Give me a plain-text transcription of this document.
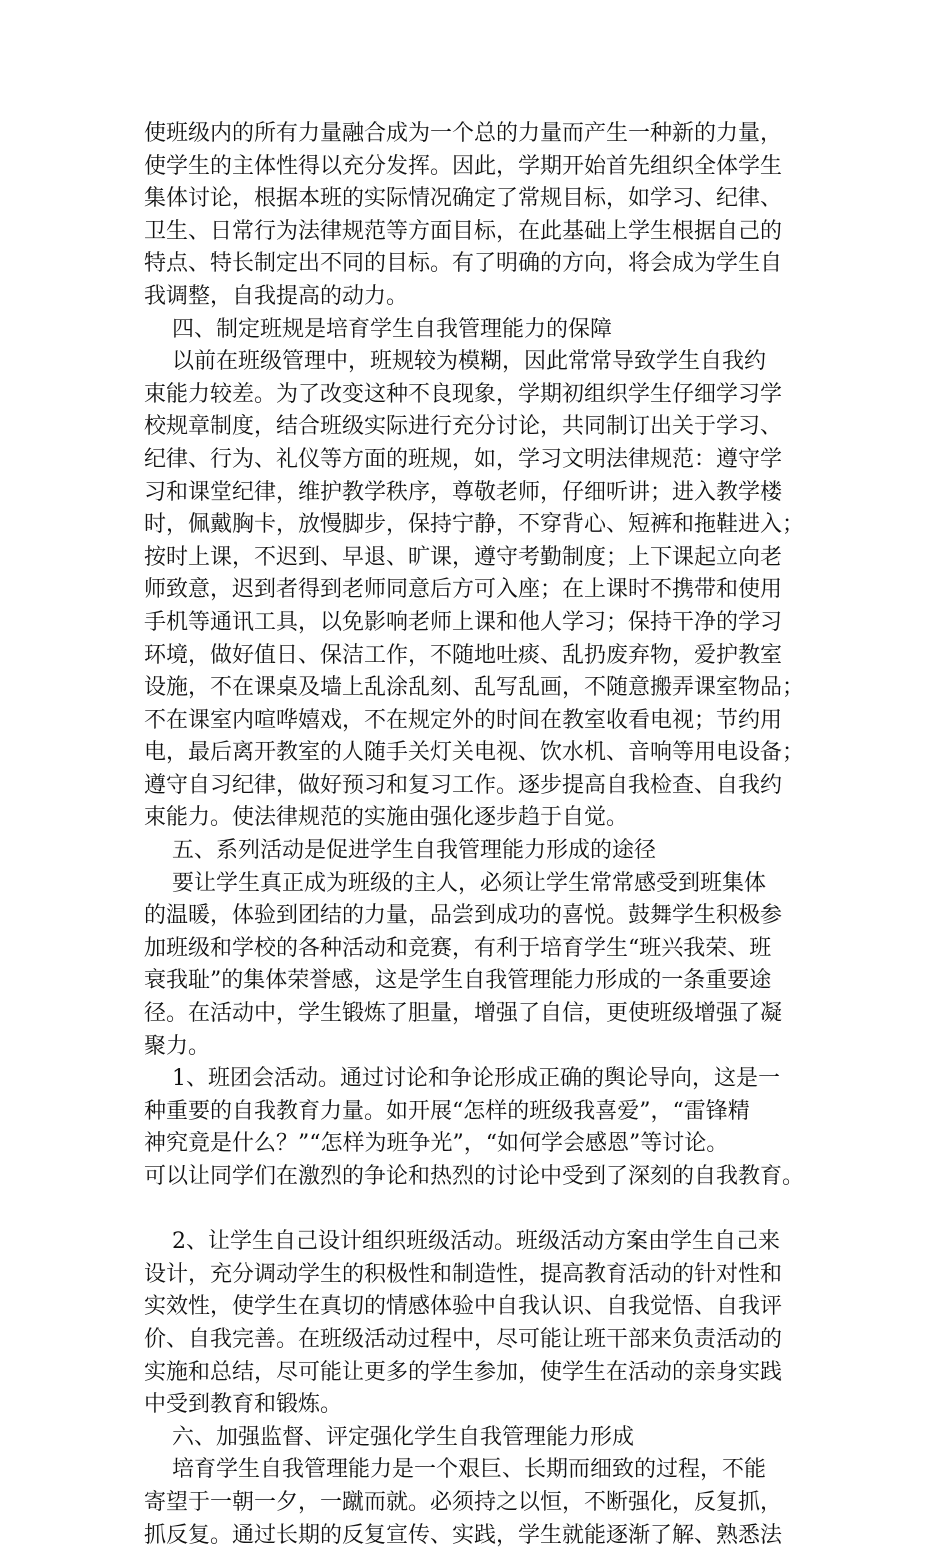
使班级内的所有力量融合成为一个总的力量而产生一种新的力量，
使学生的主体性得以充分发挥。因此，学期开始首先组织全体学生
集体讨论，根据本班的实际情况确定了常规目标，如学习、纪律、
卫生、日常行为法律规范等方面目标，在此基础上学生根据自己的
特点、特长制定出不同的目标。有了明确的方向，将会成为学生自
我调整，自我提高的动力。
四、制定班规是培育学生自我管理能力的保障
以前在班级管理中，班规较为模糊，因此常常导致学生自我约
束能力较差。为了改变这种不良现象，学期初组织学生仔细学习学
校规章制度，结合班级实际进行充分讨论，共同制订出关于学习、
纪律、行为、礼仪等方面的班规，如，学习文明法律规范：遵守学
习和课堂纪律，维护教学秩序，尊敬老师，仔细听讲；进入教学楼
时，佩戴胸卡，放慢脚步，保持宁静，不穿背心、短裤和拖鞋进入；
按时上课，不迟到、早退、旷课，遵守考勤制度；上下课起立向老
师致意，迟到者得到老师同意后方可入座；在上课时不携带和使用
手机等通讯工具，以免影响老师上课和他人学习；保持干净的学习
环境，做好值日、保洁工作，不随地吐痰、乱扔废弃物，爱护教室
设施，不在课桌及墙上乱涂乱刻、乱写乱画，不随意搬弄课室物品；
不在课室内喧哗嬉戏，不在规定外的时间在教室收看电视；节约用
电，最后离开教室的人随手关灯关电视、饮水机、音响等用电设备；
遵守自习纪律，做好预习和复习工作。逐步提高自我检查、自我约
束能力。使法律规范的实施由强化逐步趋于自觉。
五、系列活动是促进学生自我管理能力形成的途径
要让学生真正成为班级的主人，必须让学生常常感受到班集体
的温暖，体验到团结的力量，品尝到成功的喜悦。鼓舞学生积极参
加班级和学校的各种活动和竞赛，有利于培育学生“班兴我荣、班
衰我耻”的集体荣誉感，这是学生自我管理能力形成的一条重要途
径。在活动中，学生锻炼了胆量，增强了自信，更使班级增强了凝
聚力。
1、班团会活动。通过讨论和争论形成正确的舆论导向，这是一
种重要的自我教育力量。如开展“怎样的班级我喜爱”，“雷锋精
神究竟是什么？”“怎样为班争光”，“如何学会感恩”等讨论。
可以让同学们在激烈的争论和热烈的讨论中受到了深刻的自我教育。
2、让学生自己设计组织班级活动。班级活动方案由学生自己来
设计，充分调动学生的积极性和制造性，提高教育活动的针对性和
实效性，使学生在真切的情感体验中自我认识、自我觉悟、自我评
价、自我完善。在班级活动过程中，尽可能让班干部来负责活动的
实施和总结，尽可能让更多的学生参加，使学生在活动的亲身实践
中受到教育和锻炼。
六、加强监督、评定强化学生自我管理能力形成
培育学生自我管理能力是一个艰巨、长期而细致的过程，不能
寄望于一朝一夕，一蹴而就。必须持之以恒，不断强化，反复抓，
抓反复。通过长期的反复宣传、实践，学生就能逐渐了解、熟悉法
